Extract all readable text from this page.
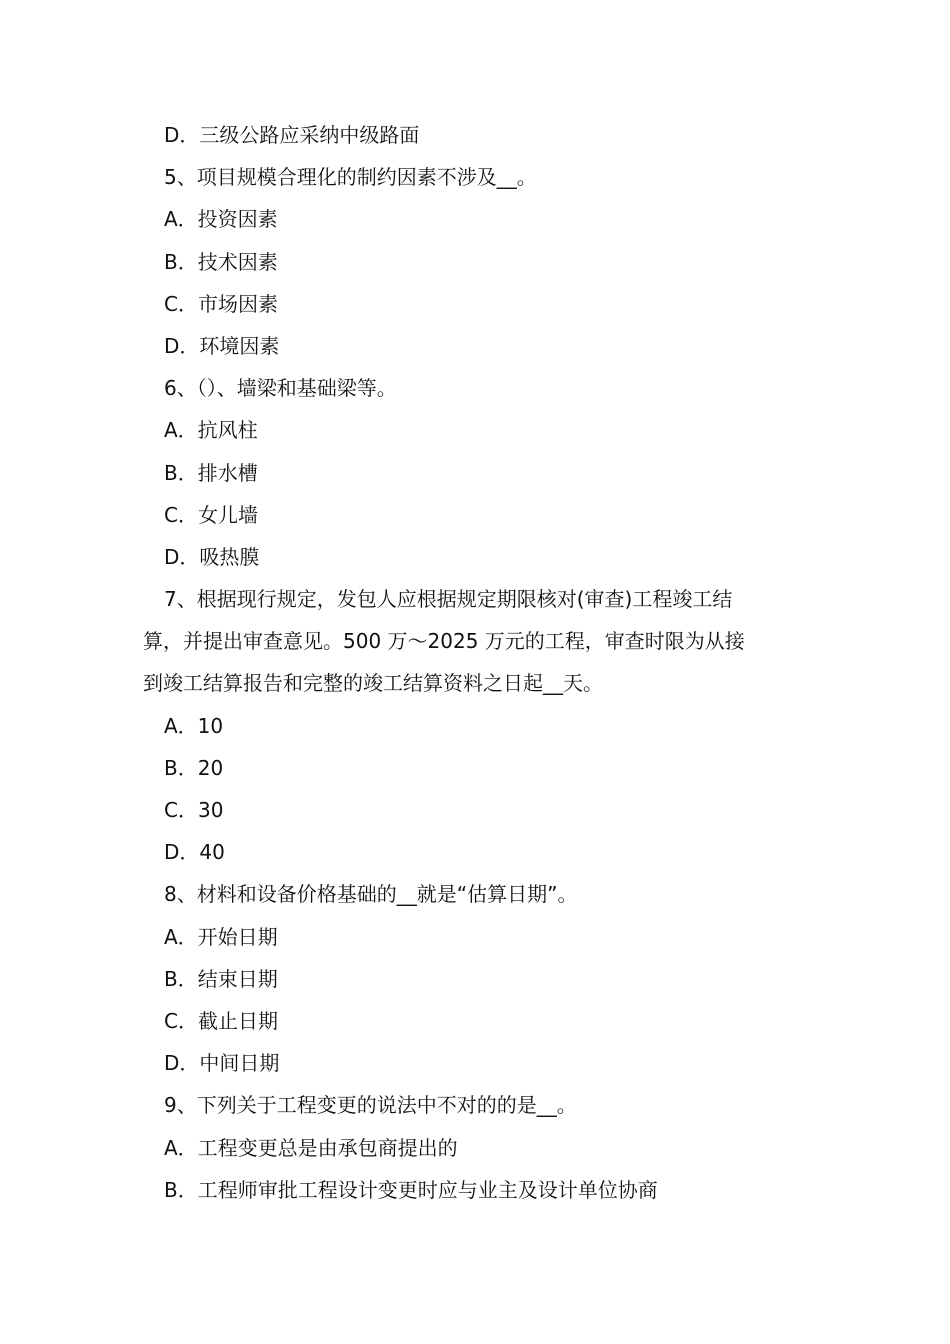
D．三级公路应采纳中级路面
5、项目规模合理化的制约因素不涉及__。
A．投资因素
B．技术因素
C．市场因素
D．环境因素
6、（）、墙梁和基础梁等。
A．抗风柱
B．排水槽
C．女儿墙
D．吸热膜
7、根据现行规定，发包人应根据规定期限核对(审查)工程竣工结
算，并提出审查意见。500 万～2025 万元的工程，审查时限为从接
到竣工结算报告和完整的竣工结算资料之日起__天。
A．10
B．20
C．30
D．40
8、材料和设备价格基础的__就是“估算日期”。
A．开始日期
B．结束日期
C．截止日期
D．中间日期
9、下列关于工程变更的说法中不对的的是__。
A．工程变更总是由承包商提出的
B．工程师审批工程设计变更时应与业主及设计单位协商
